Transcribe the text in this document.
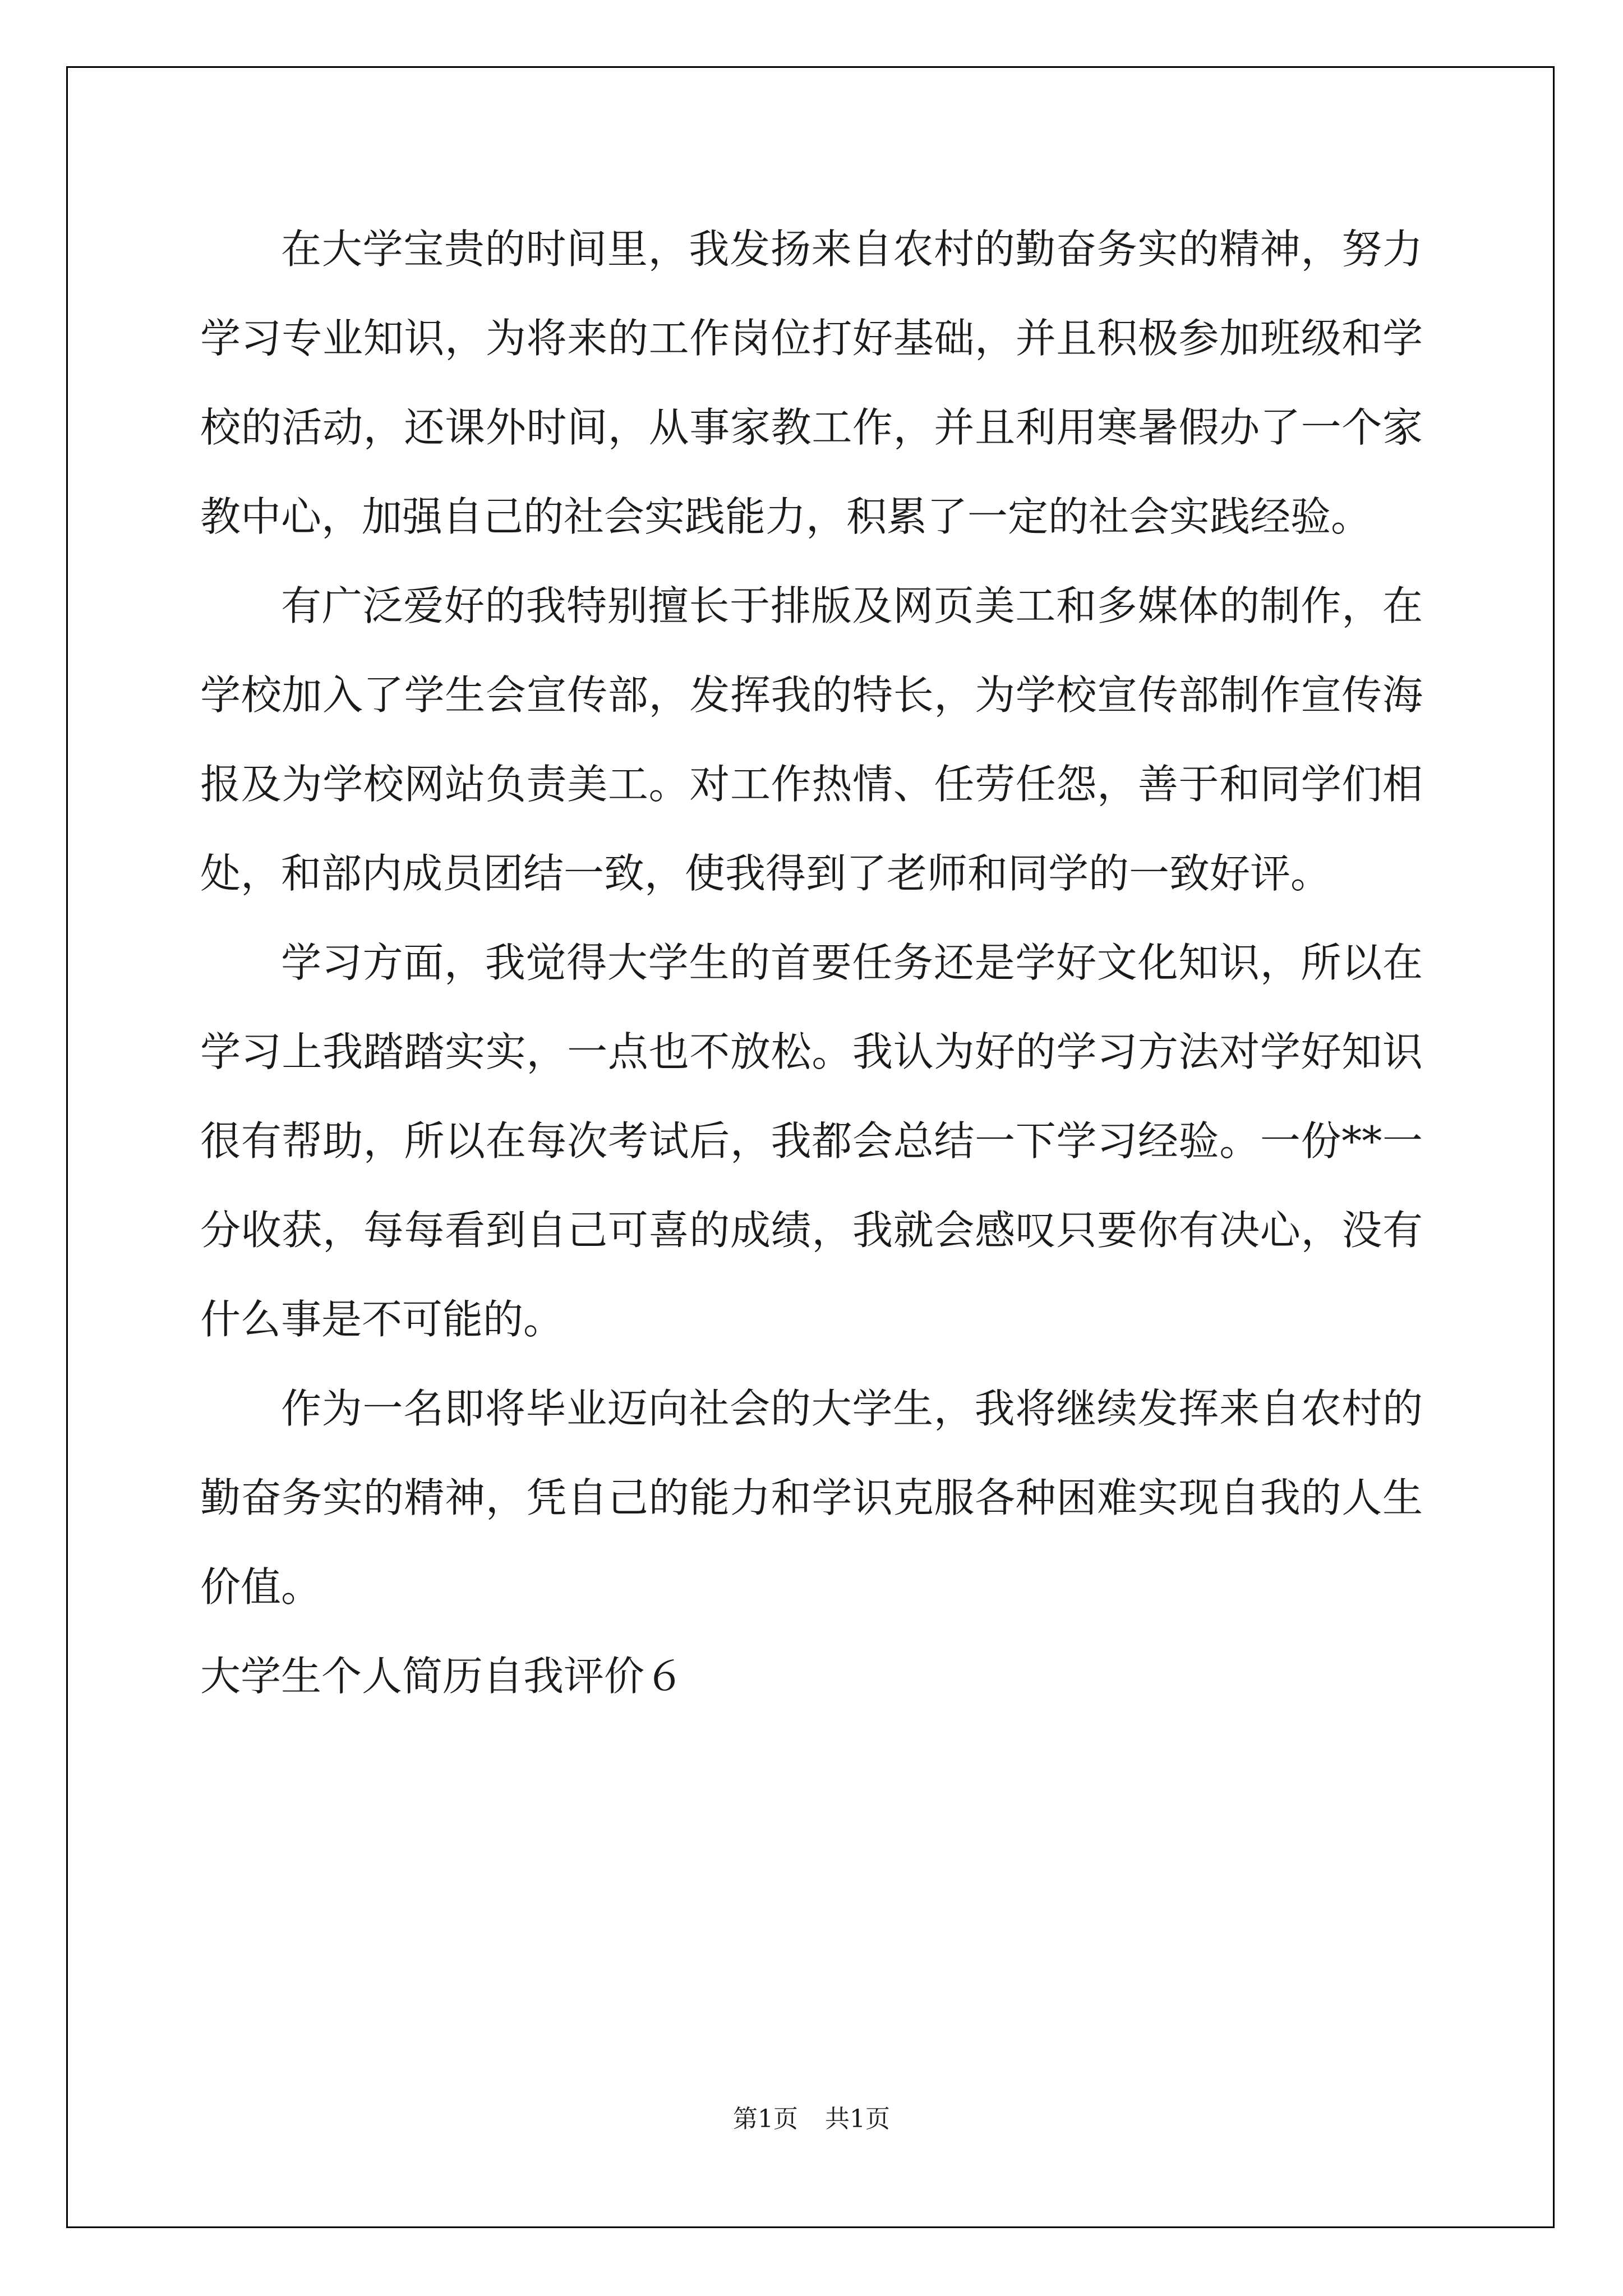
在大学宝贵的时间里，我发扬来自农村的勤奋务实的精神，努力学习专业知识，为将来的工作岗位打好基础，并且积极参加班级和学校的活动，还课外时间，从事家教工作，并且利用寒暑假办了一个家教中心，加强自己的社会实践能力，积累了一定的社会实践经验。

有广泛爱好的我特别擅长于排版及网页美工和多媒体的制作，在学校加入了学生会宣传部，发挥我的特长，为学校宣传部制作宣传海报及为学校网站负责美工。对工作热情、任劳任怨，善于和同学们相处，和部内成员团结一致，使我得到了老师和同学的一致好评。

学习方面，我觉得大学生的首要任务还是学好文化知识，所以在学习上我踏踏实实，一点也不放松。我认为好的学习方法对学好知识很有帮助，所以在每次考试后，我都会总结一下学习经验。一份**一分收获，每每看到自己可喜的成绩，我就会感叹只要你有决心，没有什么事是不可能的。

作为一名即将毕业迈向社会的大学生，我将继续发挥来自农村的勤奋务实的精神，凭自己的能力和学识克服各种困难实现自我的人生价值。

大学生个人简历自我评价６

第1页 共1页
